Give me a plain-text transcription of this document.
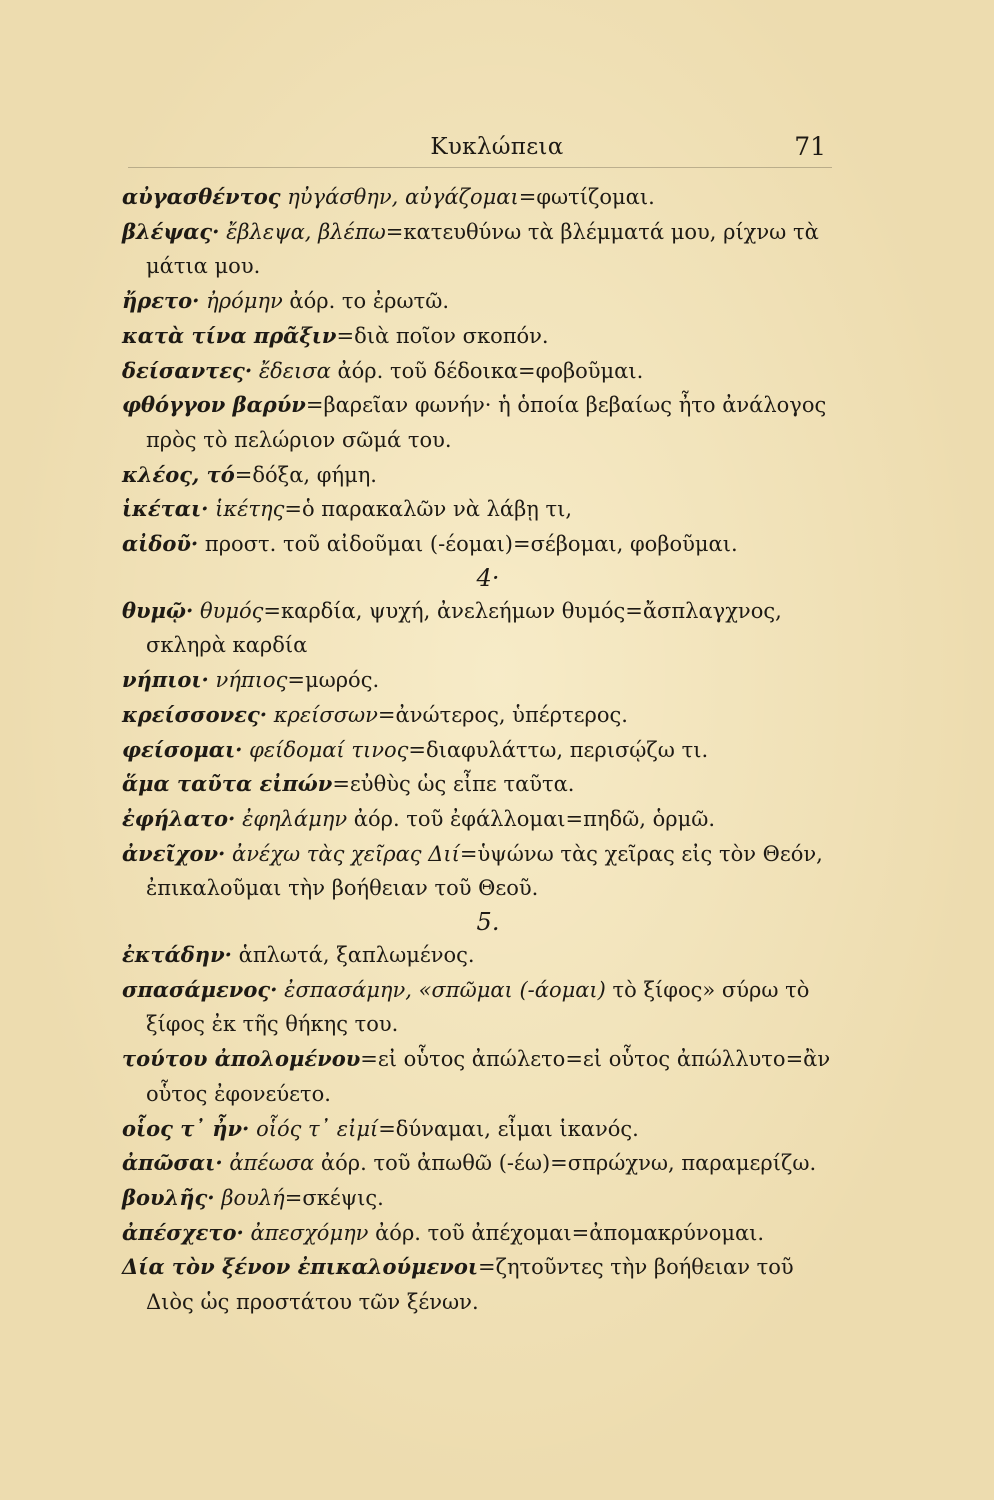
Κυκλώπεια	71
αὐγασθέντος ηὐγάσθην, αὐγάζομαι=φωτίζομαι.
βλέψας· ἔβλεψα, βλέπω=κατευθύνω τὰ βλέμματά μου, ρίχνω τὰ μάτια μου.
ἤρετο· ἠρόμην ἀόρ. τo ἐρωτῶ.
κατὰ τίνα πρᾶξιν=διὰ ποῖον σκοπόν.
δείσαντες· ἔδεισα ἀόρ. τοῦ δέδοικα=φοβοῦμαι.
φθόγγον βαρύν=βαρεῖαν φωνήν· ἡ ὁποία βεβαίως ἦτο ἀνάλογος πρὸς τὸ πελώριον σῶμά του.
κλέος, τό=δόξα, φήμη.
ἱκέται· ἱκέτης=ὁ παρακαλῶν νὰ λάβῃ τι,
αἰδοῦ· προστ. τοῦ αἰδοῦμαι (-έομαι)=σέβομαι, φοβοῦμαι.
4·
θυμῷ· θυμός=καρδία, ψυχή, ἀνελεήμων θυμός=ἄσπλαγχνος, σκληρὰ καρδία
νήπιοι· νήπιος=μωρός.
κρείσσονες· κρείσσων=ἀνώτερος, ὑπέρτερος.
φείσομαι· φείδομαί τινος=διαφυλάττω, περισῴζω τι.
ἅμα ταῦτα εἰπών=εὐθὺς ὡς εἶπε ταῦτα.
ἐφήλατο· ἐφηλάμην ἀόρ. τοῦ ἐφάλλομαι=πηδῶ, ὁρμῶ.
ἀνεῖχον· ἀνέχω τὰς χεῖρας Διί=ὑψώνω τὰς χεῖρας εἰς τὸν Θεόν, ἐπικαλοῦμαι τὴν βοήθειαν τοῦ Θεοῦ.
5.
ἐκτάδην· ἁπλωτά, ξαπλωμένος.
σπασάμενος· ἐσπασάμην, «σπῶμαι (-άομαι) τὸ ξίφος» σύρω τὸ ξίφος ἐκ τῆς θήκης του.
τούτου ἀπολομένου=εἰ οὗτος ἀπώλετο=εἰ οὗτος ἀπώλλυτο=ἂν οὗτος ἐφονεύετο.
οἷος τ᾽ ἦν· οἷός τ᾽ εἰμί=δύναμαι, εἶμαι ἱκανός.
ἀπῶσαι· ἀπέωσα ἀόρ. τοῦ ἀπωθῶ (-έω)=σπρώχνω, παραμερίζω.
βουλῆς· βουλή=σκέψις.
ἀπέσχετο· ἀπεσχόμην ἀόρ. τοῦ ἀπέχομαι=ἀπομακρύνομαι.
Δία τὸν ξένον ἐπικαλούμενοι=ζητοῦντες τὴν βοήθειαν τοῦ Διὸς ὡς προστάτου τῶν ξένων.
